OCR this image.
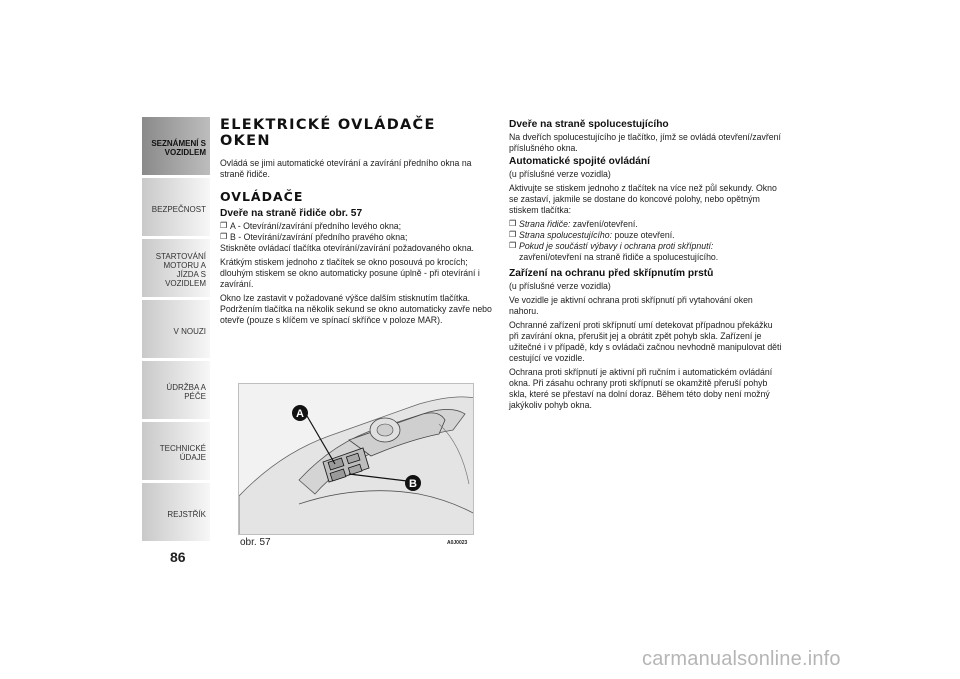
SEZNÁMENÍ S VOZIDLEM
BEZPEČNOST
STARTOVÁNÍ MOTORU A JÍZDA S VOZIDLEM
V NOUZI
ÚDRŽBA A PÉČE
TECHNICKÉ ÚDAJE
REJSTŘÍK
86
ELEKTRICKÉ OVLÁDAČE OKEN

Ovládá se jimi automatické otevírání a zavírání předního okna na straně řidiče.

OVLÁDAČE
Dveře na straně řidiče obr. 57
❒ A - Otevírání/zavírání předního levého okna;

❒ B - Otevírání/zavírání předního pravého okna;

Stiskněte ovládací tlačítka otevírání/zavírání požadovaného okna.

Krátkým stiskem jednoho z tlačítek se okno posouvá po krocích; dlouhým stiskem se okno automaticky posune úplně - při otevírání i zavírání.

Okno lze zastavit v požadované výšce dalším stisknutím tlačítka. Podržením tlačítka na několik sekund se okno automaticky zavře nebo otevře (pouze s klíčem ve spínací skříňce v poloze MAR).

A
B
obr. 57	A0J0023
Dveře na straně spolucestujícího

Na dveřích spolucestujícího je tlačítko, jímž se ovládá otevření/zavření příslušného okna.

Automatické spojité ovládání

(u příslušné verze vozidla)

Aktivujte se stiskem jednoho z tlačítek na více než půl sekundy. Okno se zastaví, jakmile se dostane do koncové polohy, nebo opětným stiskem tlačítka:

❒ Strana řidiče: zavření/otevření.

❒ Strana spolucestujícího: pouze otevření.

❒ Pokud je součástí výbavy i ochrana proti skřípnutí: zavření/otevření na straně řidiče a spolucestujícího.

Zařízení na ochranu před skřípnutím prstů

(u příslušné verze vozidla)

Ve vozidle je aktivní ochrana proti skřípnutí při vytahování oken nahoru.

Ochranné zařízení proti skřípnutí umí detekovat případnou překážku při zavírání okna, přerušit jej a obrátit zpět pohyb skla. Zařízení je užitečné i v případě, kdy s ovládači začnou nevhodně manipulovat děti cestující ve vozidle.

Ochrana proti skřípnutí je aktivní při ručním i automatickém ovládání okna. Při zásahu ochrany proti skřípnutí se okamžitě přeruší pohyb skla, které se přestaví na dolní doraz. Během této doby není možný jakýkoliv pohyb okna.

carmanualsonline.info
